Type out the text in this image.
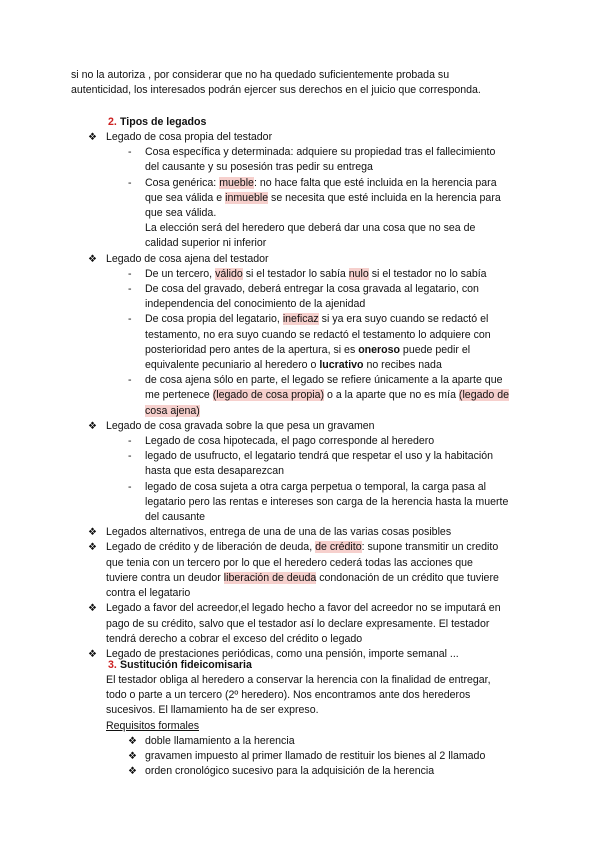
si no la autoriza , por considerar que no ha quedado suficientemente probada su

autenticidad, los interesados podrán ejercer sus derechos en el juicio que corresponda.

2. Tipos de legados
❖ Legado de cosa propia del testador

- Cosa específica y determinada: adquiere su propiedad tras el fallecimiento

del causante y su posesión tras pedir su entrega

- Cosa genérica: mueble: no hace falta que esté incluida en la herencia para

que sea válida e inmueble se necesita que esté incluida en la herencia para

que sea válida.

La elección será del heredero que deberá dar una cosa que no sea de

calidad superior ni inferior

❖ Legado de cosa ajena del testador

- De un tercero, válido si el testador lo sabía nulo si el testador no lo sabía

- De cosa del gravado, deberá entregar la cosa gravada al legatario, con

independencia del conocimiento de la ajenidad

- De cosa propia del legatario, ineficaz si ya era suyo cuando se redactó el

testamento, no era suyo cuando se redactó el testamento lo adquiere con

posterioridad pero antes de la apertura, si es oneroso puede pedir el

equivalente pecuniario al heredero o lucrativo no recibes nada

- de cosa ajena sólo en parte, el legado se refiere únicamente a la aparte que

me pertenece (legado de cosa propia) o a la aparte que no es mía (legado de

cosa ajena)

❖ Legado de cosa gravada sobre la que pesa un gravamen

- Legado de cosa hipotecada, el pago corresponde al heredero

- legado de usufructo, el legatario tendrá que respetar el uso y la habitación

hasta que esta desaparezcan

- legado de cosa sujeta a otra carga perpetua o temporal, la carga pasa al

legatario pero las rentas e intereses son carga de la herencia hasta la muerte

del causante

❖ Legados alternativos, entrega de una de una de las varias cosas posibles

❖ Legado de crédito y de liberación de deuda, de crédito: supone transmitir un credito

que tenia con un tercero por lo que el heredero cederá todas las acciones que

tuviere contra un deudor liberación de deuda condonación de un crédito que tuviere

contra el legatario

❖ Legado a favor del acreedor,el legado hecho a favor del acreedor no se imputará en

pago de su crédito, salvo que el testador así lo declare expresamente. El testador

tendrá derecho a cobrar el exceso del crédito o legado

❖ Legado de prestaciones periódicas, como una pensión, importe semanal ...

3. Sustitución fideicomisaria

El testador obliga al heredero a conservar la herencia con la finalidad de entregar,

todo o parte a un tercero (2º heredero). Nos encontramos ante dos herederos

sucesivos. El llamamiento ha de ser expreso.

Requisitos formales

❖ doble llamamiento a la herencia

❖ gravamen impuesto al primer llamado de restituir los bienes al 2 llamado

❖ orden cronológico sucesivo para la adquisición de la herencia
